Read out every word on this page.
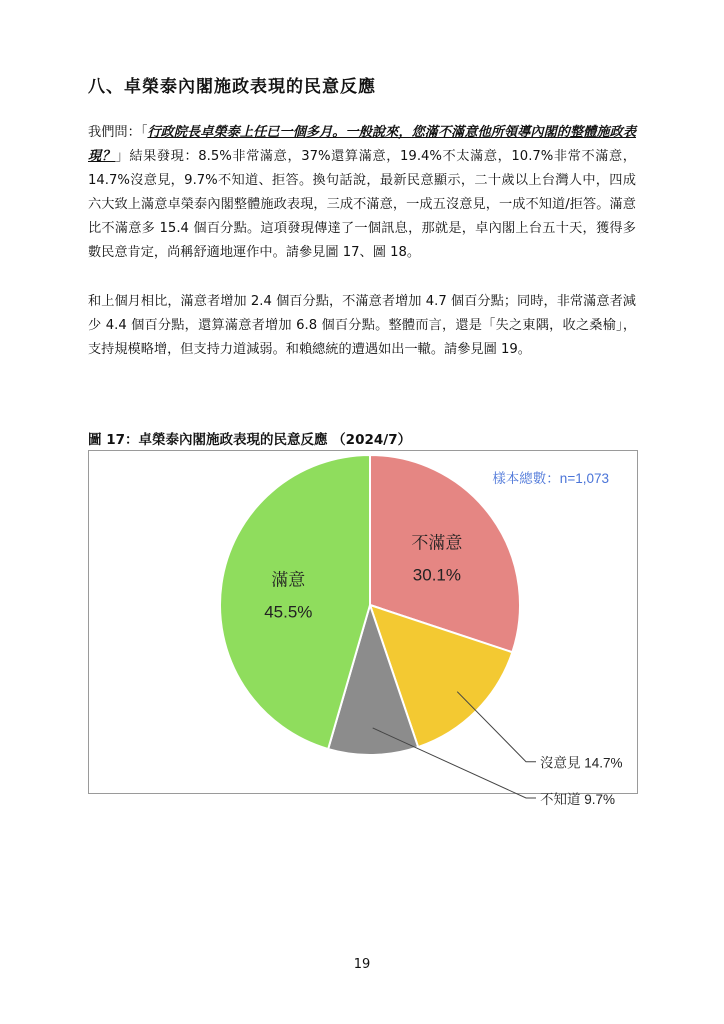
八、卓榮泰內閣施政表現的民意反應

我們問：「行政院長卓榮泰上任已一個多月。一般說來，您滿不滿意他所領導內閣的整體施政表現？」結果發現：8.5%非常滿意，37%還算滿意，19.4%不太滿意，10.7%非常不滿意，14.7%沒意見，9.7%不知道、拒答。換句話說，最新民意顯示，二十歲以上台灣人中，四成六大致上滿意卓榮泰內閣整體施政表現，三成不滿意，一成五沒意見，一成不知道/拒答。滿意比不滿意多 15.4 個百分點。這項發現傳達了一個訊息，那就是，卓內閣上台五十天，獲得多數民意肯定，尚稱舒適地運作中。請參見圖 17、圖 18。

和上個月相比，滿意者增加 2.4 個百分點，不滿意者增加 4.7 個百分點；同時，非常滿意者減少 4.4 個百分點，還算滿意者增加 6.8 個百分點。整體而言，還是「失之東隅，收之桑榆」，支持規模略增，但支持力道減弱。和賴總統的遭遇如出一轍。請參見圖 19。

圖 17：卓榮泰內閣施政表現的民意反應 （2024/7）

不滿意
30.1%
沒意見 14.7%
不知道 9.7%
滿意
45.5%
樣本總數：n=1,073

19
